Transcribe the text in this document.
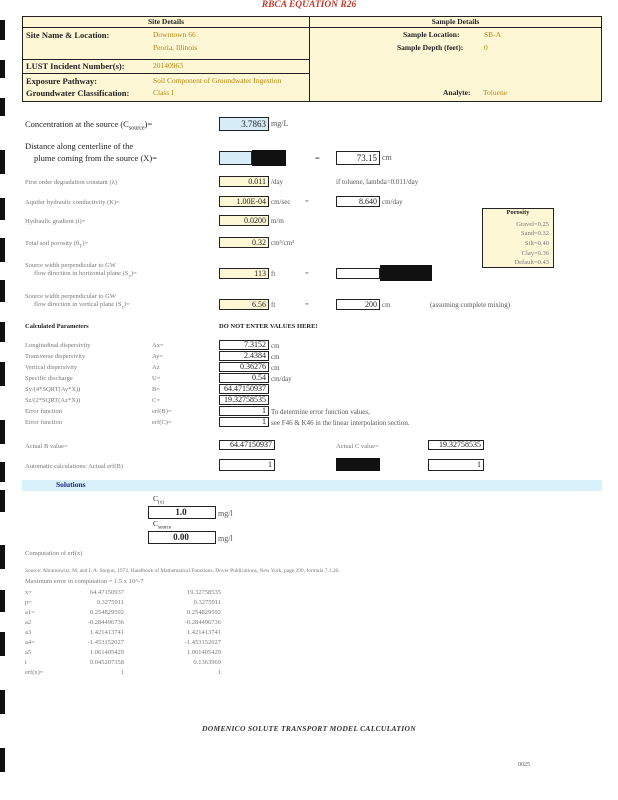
RBCA EQUATION R26
Site Details	Sample Details
Site Name & Location:	Downtown 66
Peoria, Illinois
LUST Incident Number(s):	20140963
Exposure Pathway:	Soil Component of Groundwater Ingestion
Groundwater Classification:	Class I
Sample Location:	SB-A
Sample Depth (feet):	0
Analyte: Toluene
Concentration at the source $(C_{source})=$	3.7863 mg/L
Distance along centerline of the
plume coming from the source (X)=	=	73.15 cm
First order degradation constant (λ)	0.011 /day	if toluene, lambda=0.011/day
Aquifer hydraulic conductivity (K)=	1.00E-04 cm/sec =	8.640 cm/day
Porosity
Gravel=0.25
Sand=0.32
Silt=0.40
Clay=0.36
Default=0.43
Hydraulic gradient (i)=	0.0200 m/m
Total soil porosity $(\theta_T)=$	0.32 cm³/cm³
Source width perpendicular to GW
flow direction in horizontal plane $(S_y)=$	113 ft	=
Source width perpendicular to GW
flow direction in vertical plane $(S_z)=$	6.56 ft	=	200 cm	(assuming complete mixing)
Calculated Parameters	DO NOT ENTER VALUES HERE!
Longitudinal dispersivity	Ax=	7.3152 cm
Transverse dispersivity	Ay=	2.4384 cm
Vertical dispersivity	Az	0.36276 cm
Specific discharge	U=	0.54 cm/day
Sy/(4*SQRT(Ay*X))	B=	64.47150937
Sz/(2*SQRT(Az*X))	C=	19.32758535
Error function	erf(B)=	1 To determine error function values,
Error function	erf(C)=	1 see F46 & K46 in the linear interpolation section.
Actual B value=	64.47150937	Actual C value=	19.32758535
Automatic calculations: Actual erf(B)	1	1
Solutions
$C_{(x)}$
1.0	mg/l
$C_{source}$
0.00	mg/l
Computation of erf(x)
Source: Abramowitz, M. and I. A. Stegun, 1972, Handbook of Mathematical Functions, Dover Publications, New York, page 299, formula 7.1.26.
Maximum error in computation = 1.5 x 10^-7
x=	64.47150937	19.32758535
p=	0.3275911	0.3275911
a1=	0.254829592	0.254829592
a2	-0.284496736	-0.284496736
a3	1.421413741	1.421413741
a4=	-1.453152027	-1.453152027
a5	1.061405429	1.061405429
t	0.045207358	0.1363969
erf(x)=	1	1
DOMENICO SOLUTE TRANSPORT MODEL CALCULATION
0025
